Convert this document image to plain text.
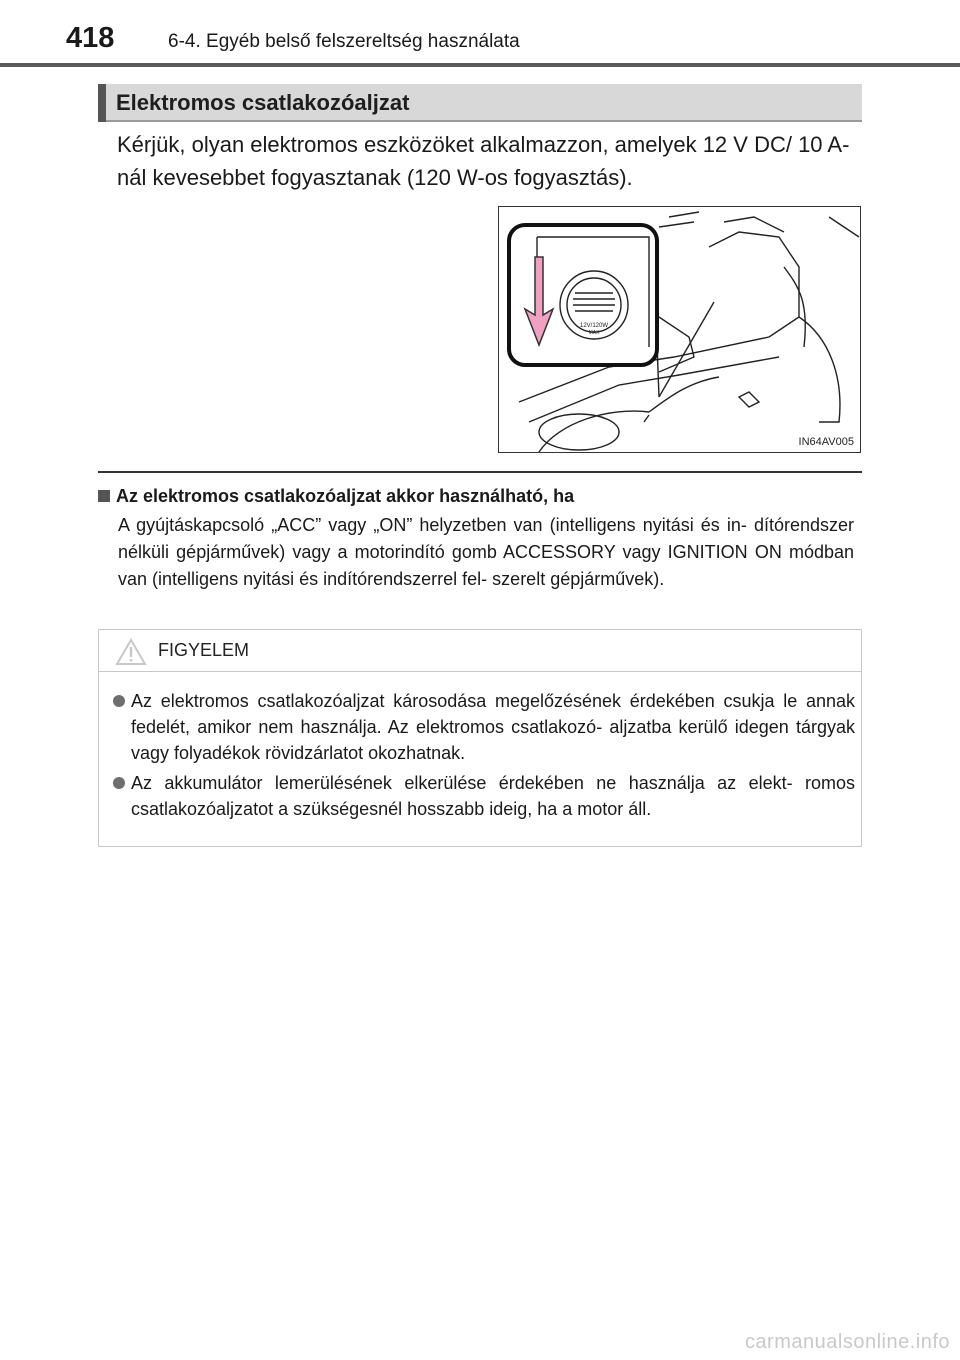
418	6-4. Egyéb belső felszereltség használata
Elektromos csatlakozóaljzat
Kérjük, olyan elektromos eszközöket alkalmazzon, amelyek 12 V DC/ 10 A-nál kevesebbet fogyasztanak (120 W-os fogyasztás).
12V/120W
MAX
IN64AV005
Az elektromos csatlakozóaljzat akkor használható, ha
A gyújtáskapcsoló „ACC” vagy „ON” helyzetben van (intelligens nyitási és in- dítórendszer nélküli gépjárművek) vagy a motorindító gomb ACCESSORY vagy IGNITION ON módban van (intelligens nyitási és indítórendszerrel fel- szerelt gépjárművek).
FIGYELEM
Az elektromos csatlakozóaljzat károsodása megelőzésének érdekében csukja le annak fedelét, amikor nem használja. Az elektromos csatlakozó- aljzatba kerülő idegen tárgyak vagy folyadékok rövidzárlatot okozhatnak.
Az akkumulátor lemerülésének elkerülése érdekében ne használja az elekt- romos csatlakozóaljzatot a szükségesnél hosszabb ideig, ha a motor áll.
carmanualsonline.info
